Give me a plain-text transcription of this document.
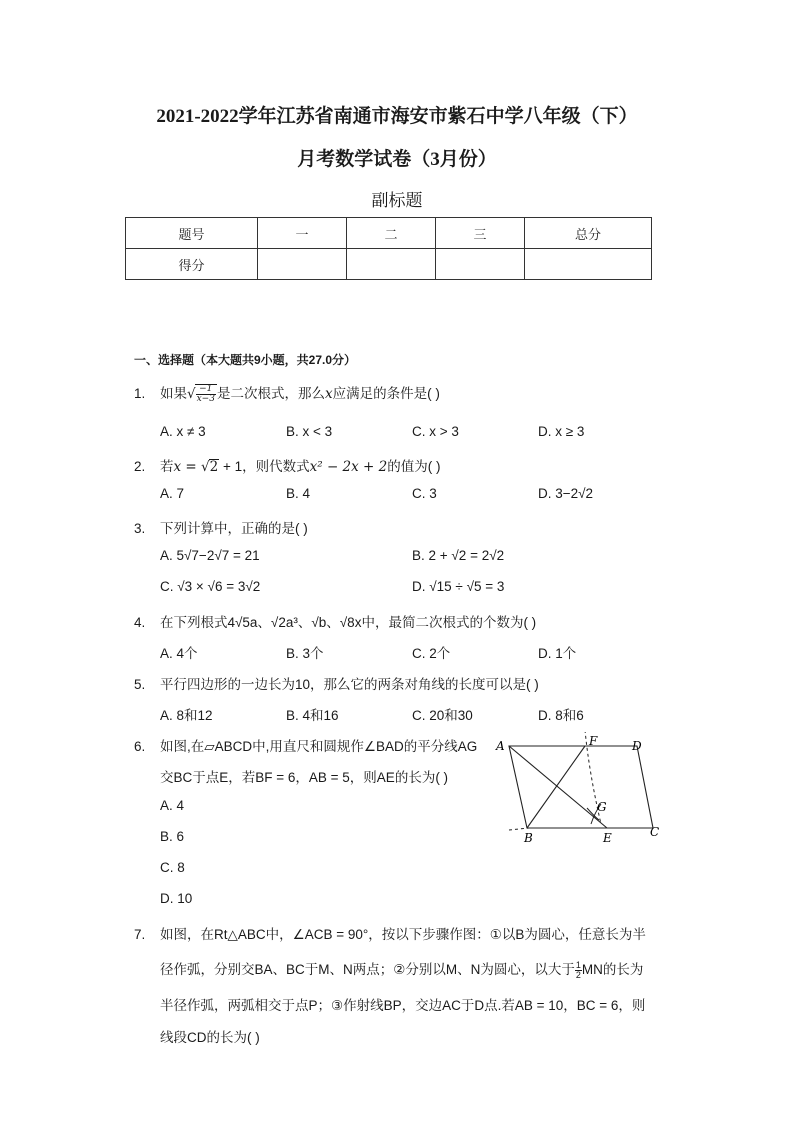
2021-2022学年江苏省南通市海安市紫石中学八年级（下）
月考数学试卷（3月份）
副标题
题号	一	二	三	总分
得分				
一、选择题（本大题共9小题，共27.0分）
1. 如果√ $\frac{-1}{x-3}$ 是二次根式，那么x应满足的条件是( )
A. x ≠ 3	B. x < 3	C. x > 3	D. x ≥ 3
2. 若x = √2 + 1，则代数式x² − 2x + 2的值为( )
A. 7	B. 4	C. 3	D. 3−2√2
3. 下列计算中，正确的是( )
A. 5√7−2√7 = 21	B. 2 + √2 = 2√2
C. √3 × √6 = 3√2	D. √15 ÷ √5 = 3
4. 在下列根式4√5a、√2a³、√b、√8x中，最简二次根式的个数为( )
A. 4个	B. 3个	C. 2个	D. 1个
5. 平行四边形的一边长为10，那么它的两条对角线的长度可以是( )
A. 8和12	B. 4和16	C. 20和30	D. 8和6
6. 如图,在▱ABCD中,用直尺和圆规作∠BAD的平分线AG
交BC于点E，若BF = 6，AB = 5，则AE的长为( )
A. 4
B. 6
C. 8
D. 10
A	F	D
G
B	E	C
7. 如图，在Rt△ABC中，∠ACB = 90°，按以下步骤作图：①以B为圆心，任意长为半
径作弧，分别交BA、BC于M、N两点；②分别以M、N为圆心，以大于 $\frac{1}{2}$ MN的长为
半径作弧，两弧相交于点P；③作射线BP，交边AC于D点.若AB = 10，BC = 6，则
线段CD的长为( )
